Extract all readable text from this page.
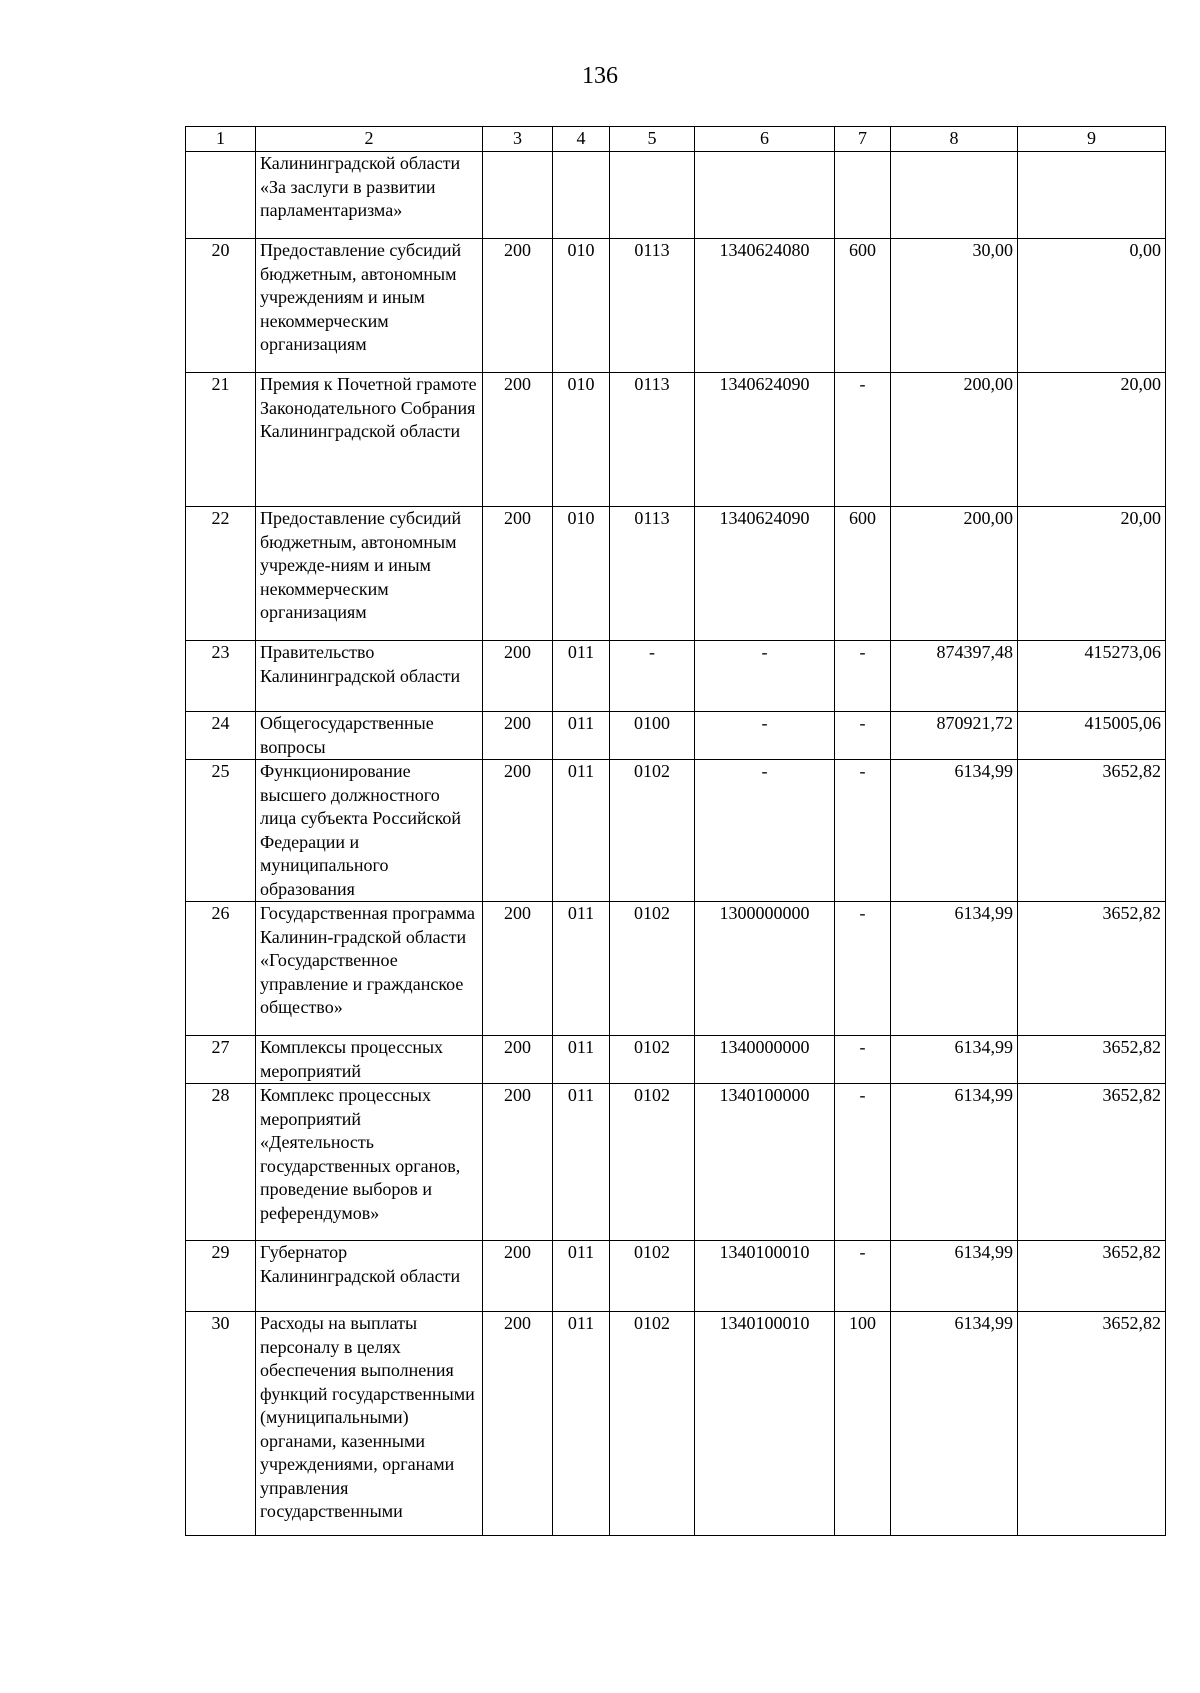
136
1	2	3	4	5	6	7	8	9
	Калининградской области «За заслуги в развитии парламентаризма»							
20	Предоставление субсидий бюджетным, автономным учреждениям и иным некоммерческим организациям	200	010	0113	1340624080	600	30,00	0,00
21	Премия к Почетной грамоте Законодательного Собрания Калининградской области	200	010	0113	1340624090	-	200,00	20,00
22	Предоставление субсидий бюджетным, автономным учрежде-ниям и иным некоммерческим организациям	200	010	0113	1340624090	600	200,00	20,00
23	Правительство Калининградской области	200	011	-	-	-	874397,48	415273,06
24	Общегосударственные вопросы	200	011	0100	-	-	870921,72	415005,06
25	Функционирование высшего должностного лица субъекта Российской Федерации и муниципального образования	200	011	0102	-	-	6134,99	3652,82
26	Государственная программа Калинин-градской области «Государственное управление и гражданское общество»	200	011	0102	1300000000	-	6134,99	3652,82
27	Комплексы процессных мероприятий	200	011	0102	1340000000	-	6134,99	3652,82
28	Комплекс процессных мероприятий «Деятельность государственных органов, проведение выборов и референдумов»	200	011	0102	1340100000	-	6134,99	3652,82
29	Губернатор Калининградской области	200	011	0102	1340100010	-	6134,99	3652,82
30	Расходы на выплаты персоналу в целях обеспечения выполнения функций государственными (муниципальными) органами, казенными учреждениями, органами управления государственными	200	011	0102	1340100010	100	6134,99	3652,82
